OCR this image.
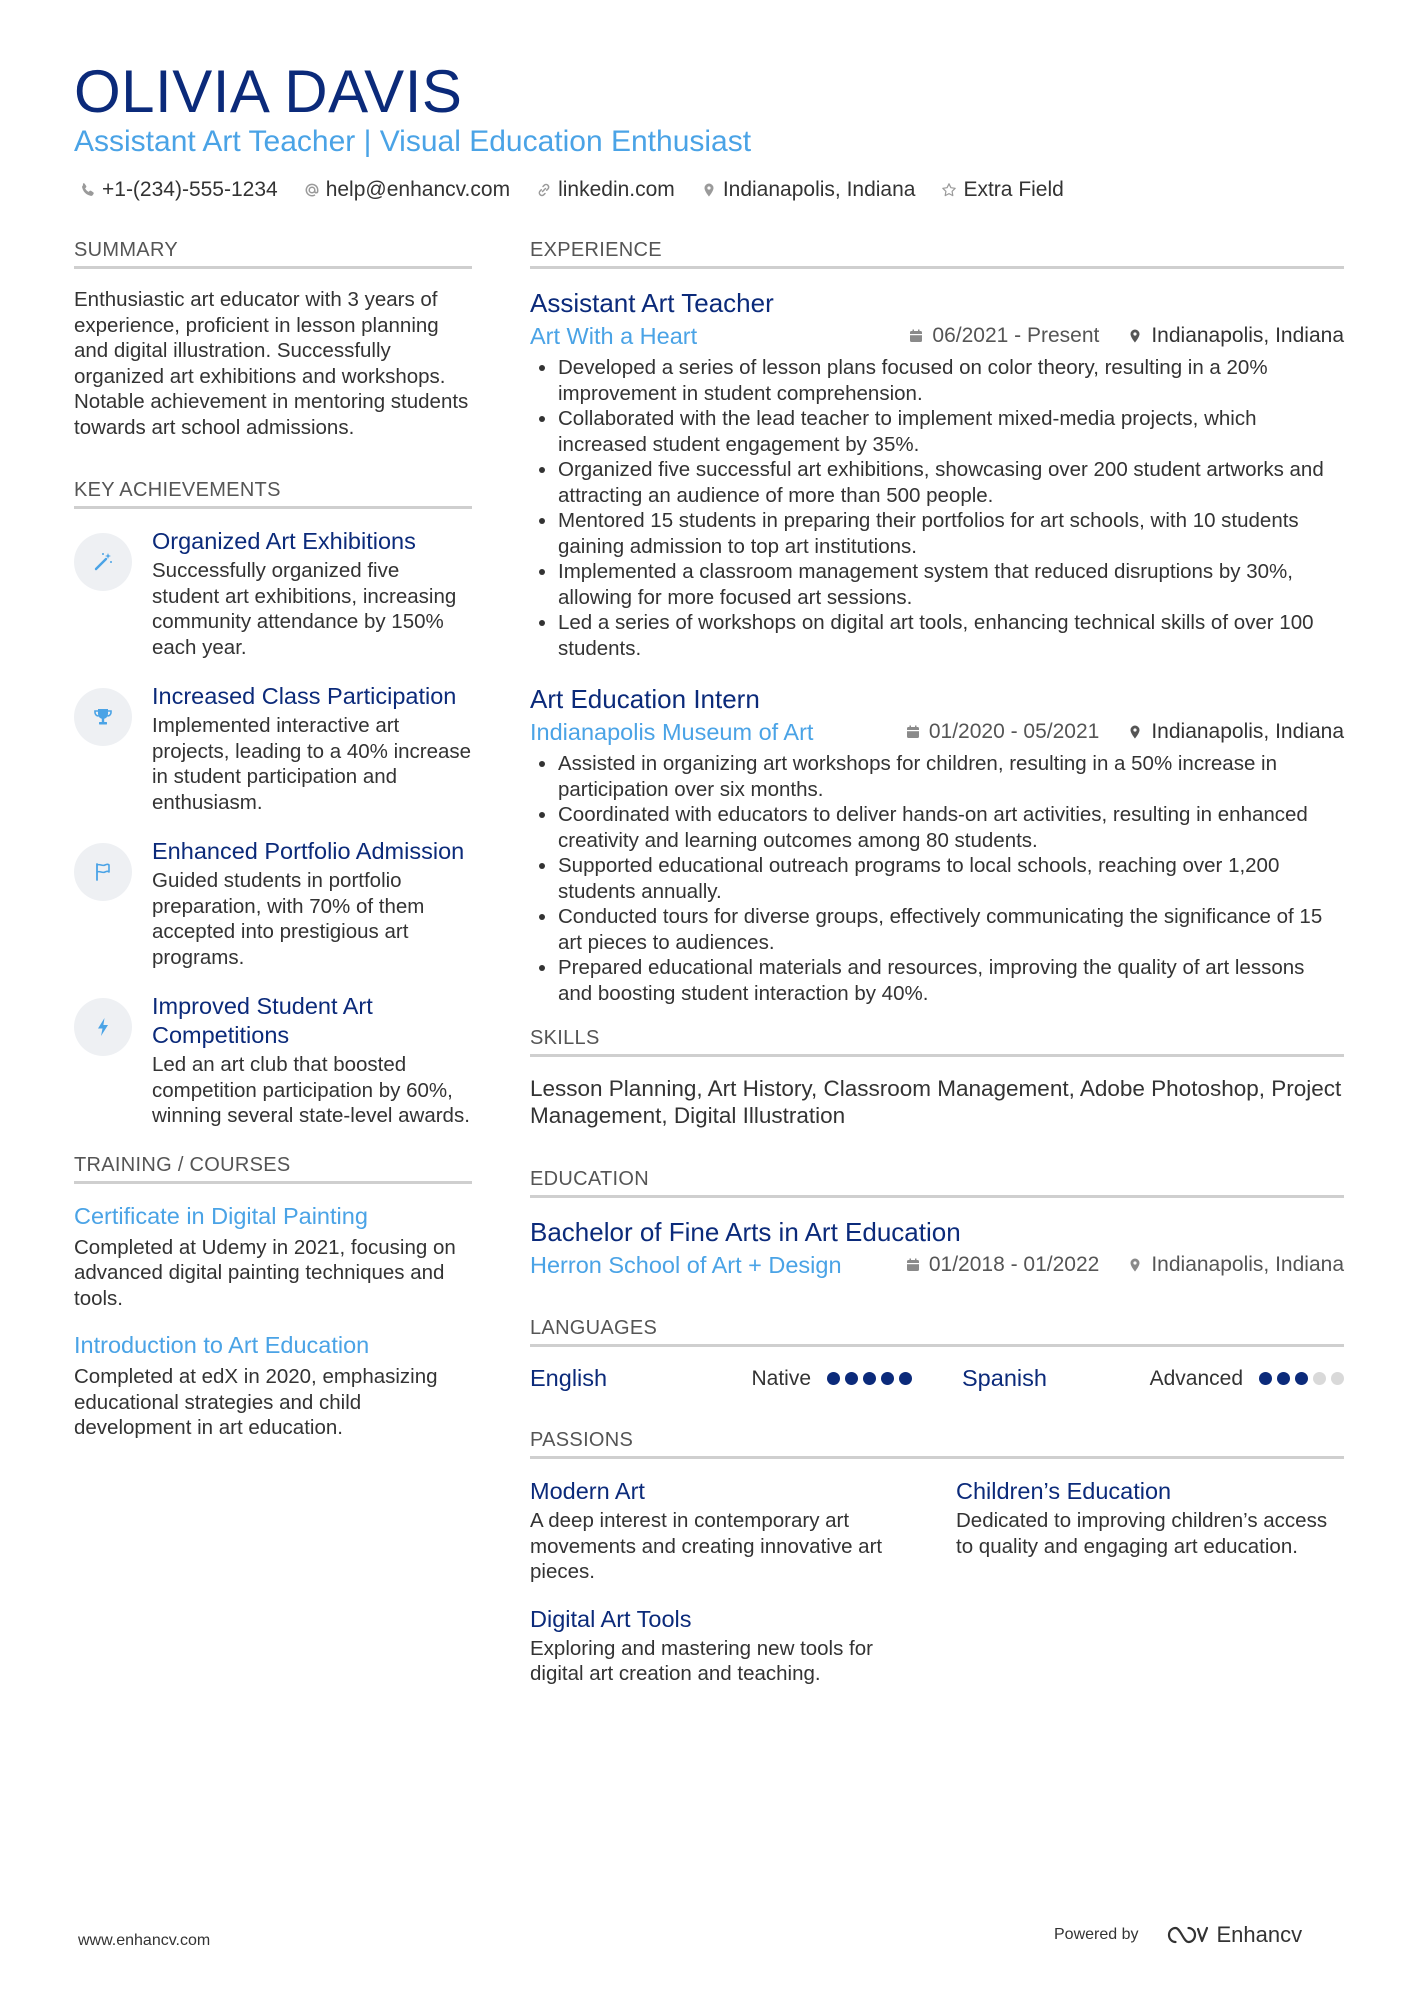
OLIVIA DAVIS
Assistant Art Teacher | Visual Education Enthusiast
+1-(234)-555-1234 help@enhancv.com linkedin.com Indianapolis, Indiana Extra Field
SUMMARY
Enthusiastic art educator with 3 years of experience, proficient in lesson planning and digital illustration. Successfully organized art exhibitions and workshops. Notable achievement in mentoring students towards art school admissions.
KEY ACHIEVEMENTS
Organized Art Exhibitions
Successfully organized five student art exhibitions, increasing community attendance by 150% each year.
Increased Class Participation
Implemented interactive art projects, leading to a 40% increase in student participation and enthusiasm.
Enhanced Portfolio Admission
Guided students in portfolio preparation, with 70% of them accepted into prestigious art programs.
Improved Student Art Competitions
Led an art club that boosted competition participation by 60%, winning several state-level awards.
TRAINING / COURSES
Certificate in Digital Painting
Completed at Udemy in 2021, focusing on advanced digital painting techniques and tools.
Introduction to Art Education
Completed at edX in 2020, emphasizing educational strategies and child development in art education.
EXPERIENCE
Assistant Art Teacher
Art With a Heart	06/2021 - Present Indianapolis, Indiana
• Developed a series of lesson plans focused on color theory, resulting in a 20% improvement in student comprehension.
• Collaborated with the lead teacher to implement mixed-media projects, which increased student engagement by 35%.
• Organized five successful art exhibitions, showcasing over 200 student artworks and attracting an audience of more than 500 people.
• Mentored 15 students in preparing their portfolios for art schools, with 10 students gaining admission to top art institutions.
• Implemented a classroom management system that reduced disruptions by 30%, allowing for more focused art sessions.
• Led a series of workshops on digital art tools, enhancing technical skills of over 100 students.
Art Education Intern
Indianapolis Museum of Art	01/2020 - 05/2021 Indianapolis, Indiana
• Assisted in organizing art workshops for children, resulting in a 50% increase in participation over six months.
• Coordinated with educators to deliver hands-on art activities, resulting in enhanced creativity and learning outcomes among 80 students.
• Supported educational outreach programs to local schools, reaching over 1,200 students annually.
• Conducted tours for diverse groups, effectively communicating the significance of 15 art pieces to audiences.
• Prepared educational materials and resources, improving the quality of art lessons and boosting student interaction by 40%.
SKILLS
Lesson Planning, Art History, Classroom Management, Adobe Photoshop, Project Management, Digital Illustration
EDUCATION
Bachelor of Fine Arts in Art Education
Herron School of Art + Design	01/2018 - 01/2022 Indianapolis, Indiana
LANGUAGES
English	Native	Spanish	Advanced
PASSIONS
Modern Art
A deep interest in contemporary art movements and creating innovative art pieces.
Children’s Education
Dedicated to improving children’s access to quality and engaging art education.
Digital Art Tools
Exploring and mastering new tools for digital art creation and teaching.
www.enhancv.com	Powered by	Enhancv
